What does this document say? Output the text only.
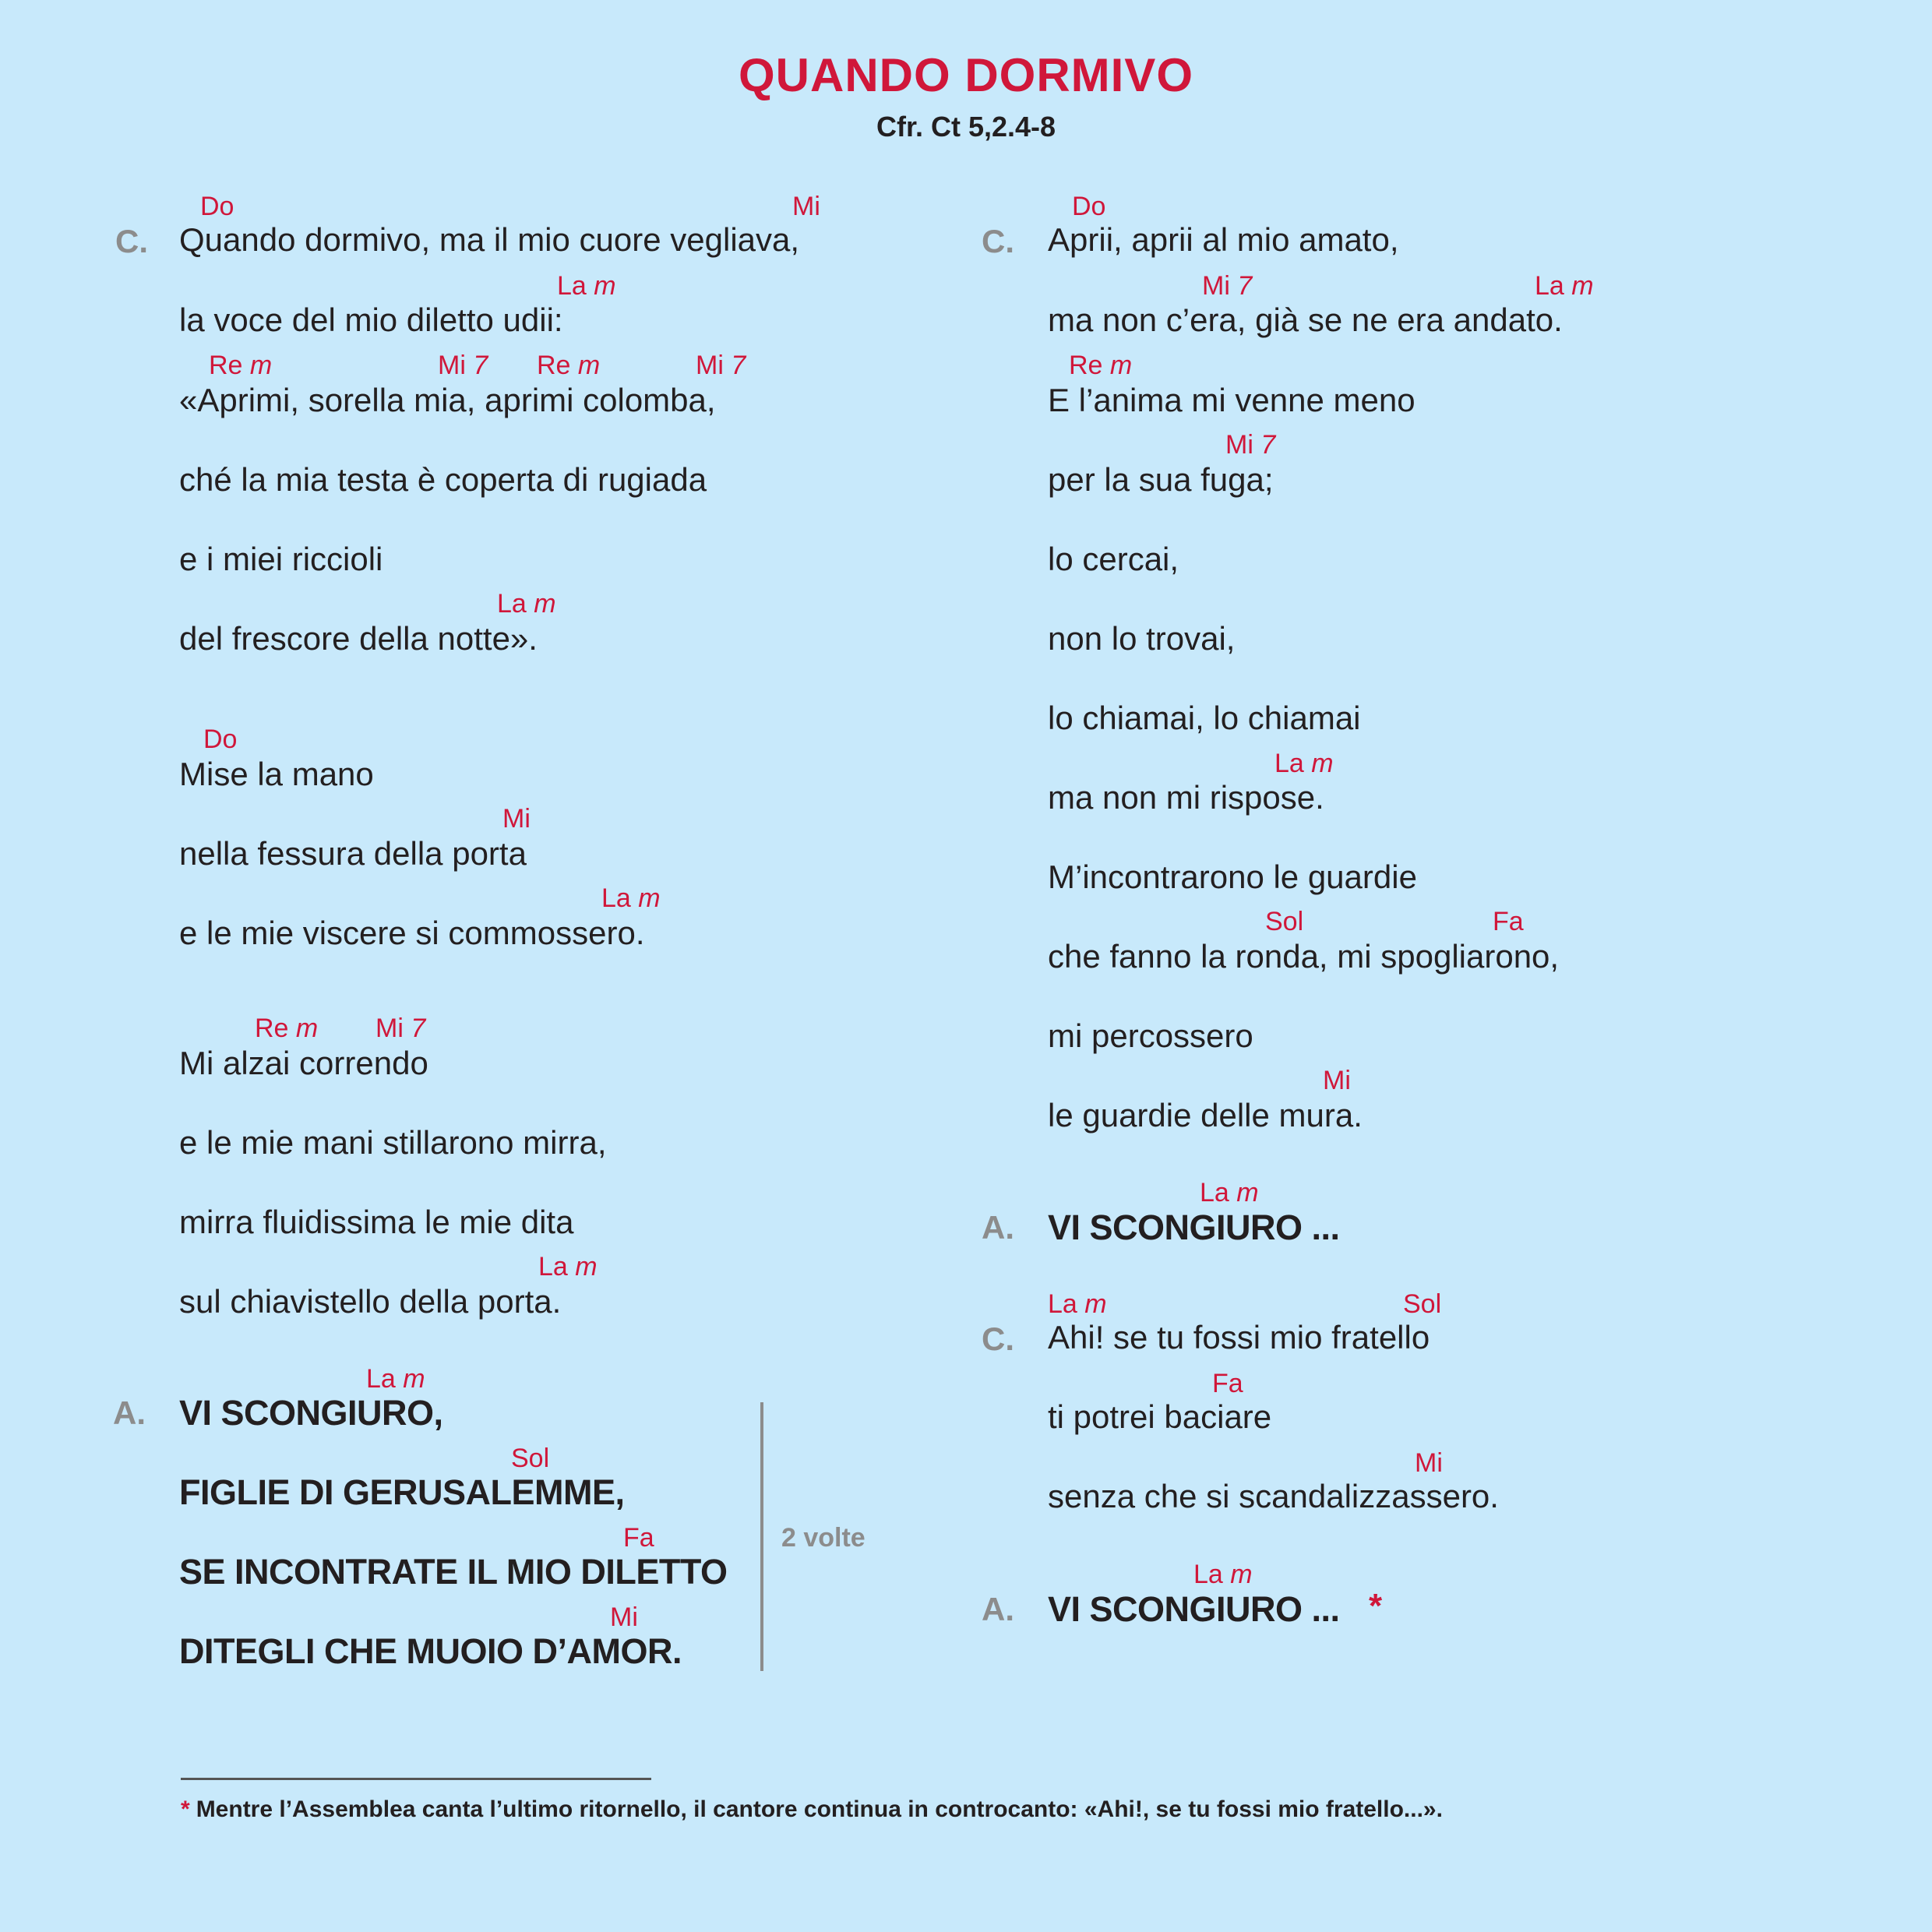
QUANDO DORMIVO
Cfr. Ct 5,2.4-8
Do	Mi
C. Quando dormivo, ma il mio cuore vegliava,
La m
la voce del mio diletto udii:
Re m	Mi 7 Re m	Mi 7
«Aprimi, sorella mia, aprimi colomba,
ché la mia testa è coperta di rugiada
e i miei riccioli
La m
del frescore della notte».
Do
Mise la mano
Mi
nella fessura della porta
La m
e le mie viscere si commossero.
Re m Mi 7
Mi alzai correndo
e le mie mani stillarono mirra,
mirra fluidissima le mie dita
La m
sul chiavistello della porta.
La m
A. VI SCONGIURO,
Sol
FIGLIE DI GERUSALEMME,
Fa
SE INCONTRATE IL MIO DILETTO
Mi
DITEGLI CHE MUOIO D’AMOR.
2 volte
Do
C. Aprii, aprii al mio amato,
Mi 7	La m
ma non c’era, già se ne era andato.
Re m
E l’anima mi venne meno
Mi 7
per la sua fuga;
lo cercai,
non lo trovai,
lo chiamai, lo chiamai
La m
ma non mi rispose.
M’incontrarono le guardie
Sol	Fa
che fanno la ronda, mi spogliarono,
mi percossero
Mi
le guardie delle mura.
La m
A. VI SCONGIURO ...
La m	Sol
C. Ahi! se tu fossi mio fratello
Fa
ti potrei baciare
Mi
senza che si scandalizzassero.
La m
A. VI SCONGIURO ... *
* Mentre l’Assemblea canta l’ultimo ritornello, il cantore continua in controcanto: «Ahi!, se tu fossi mio fratello...».
